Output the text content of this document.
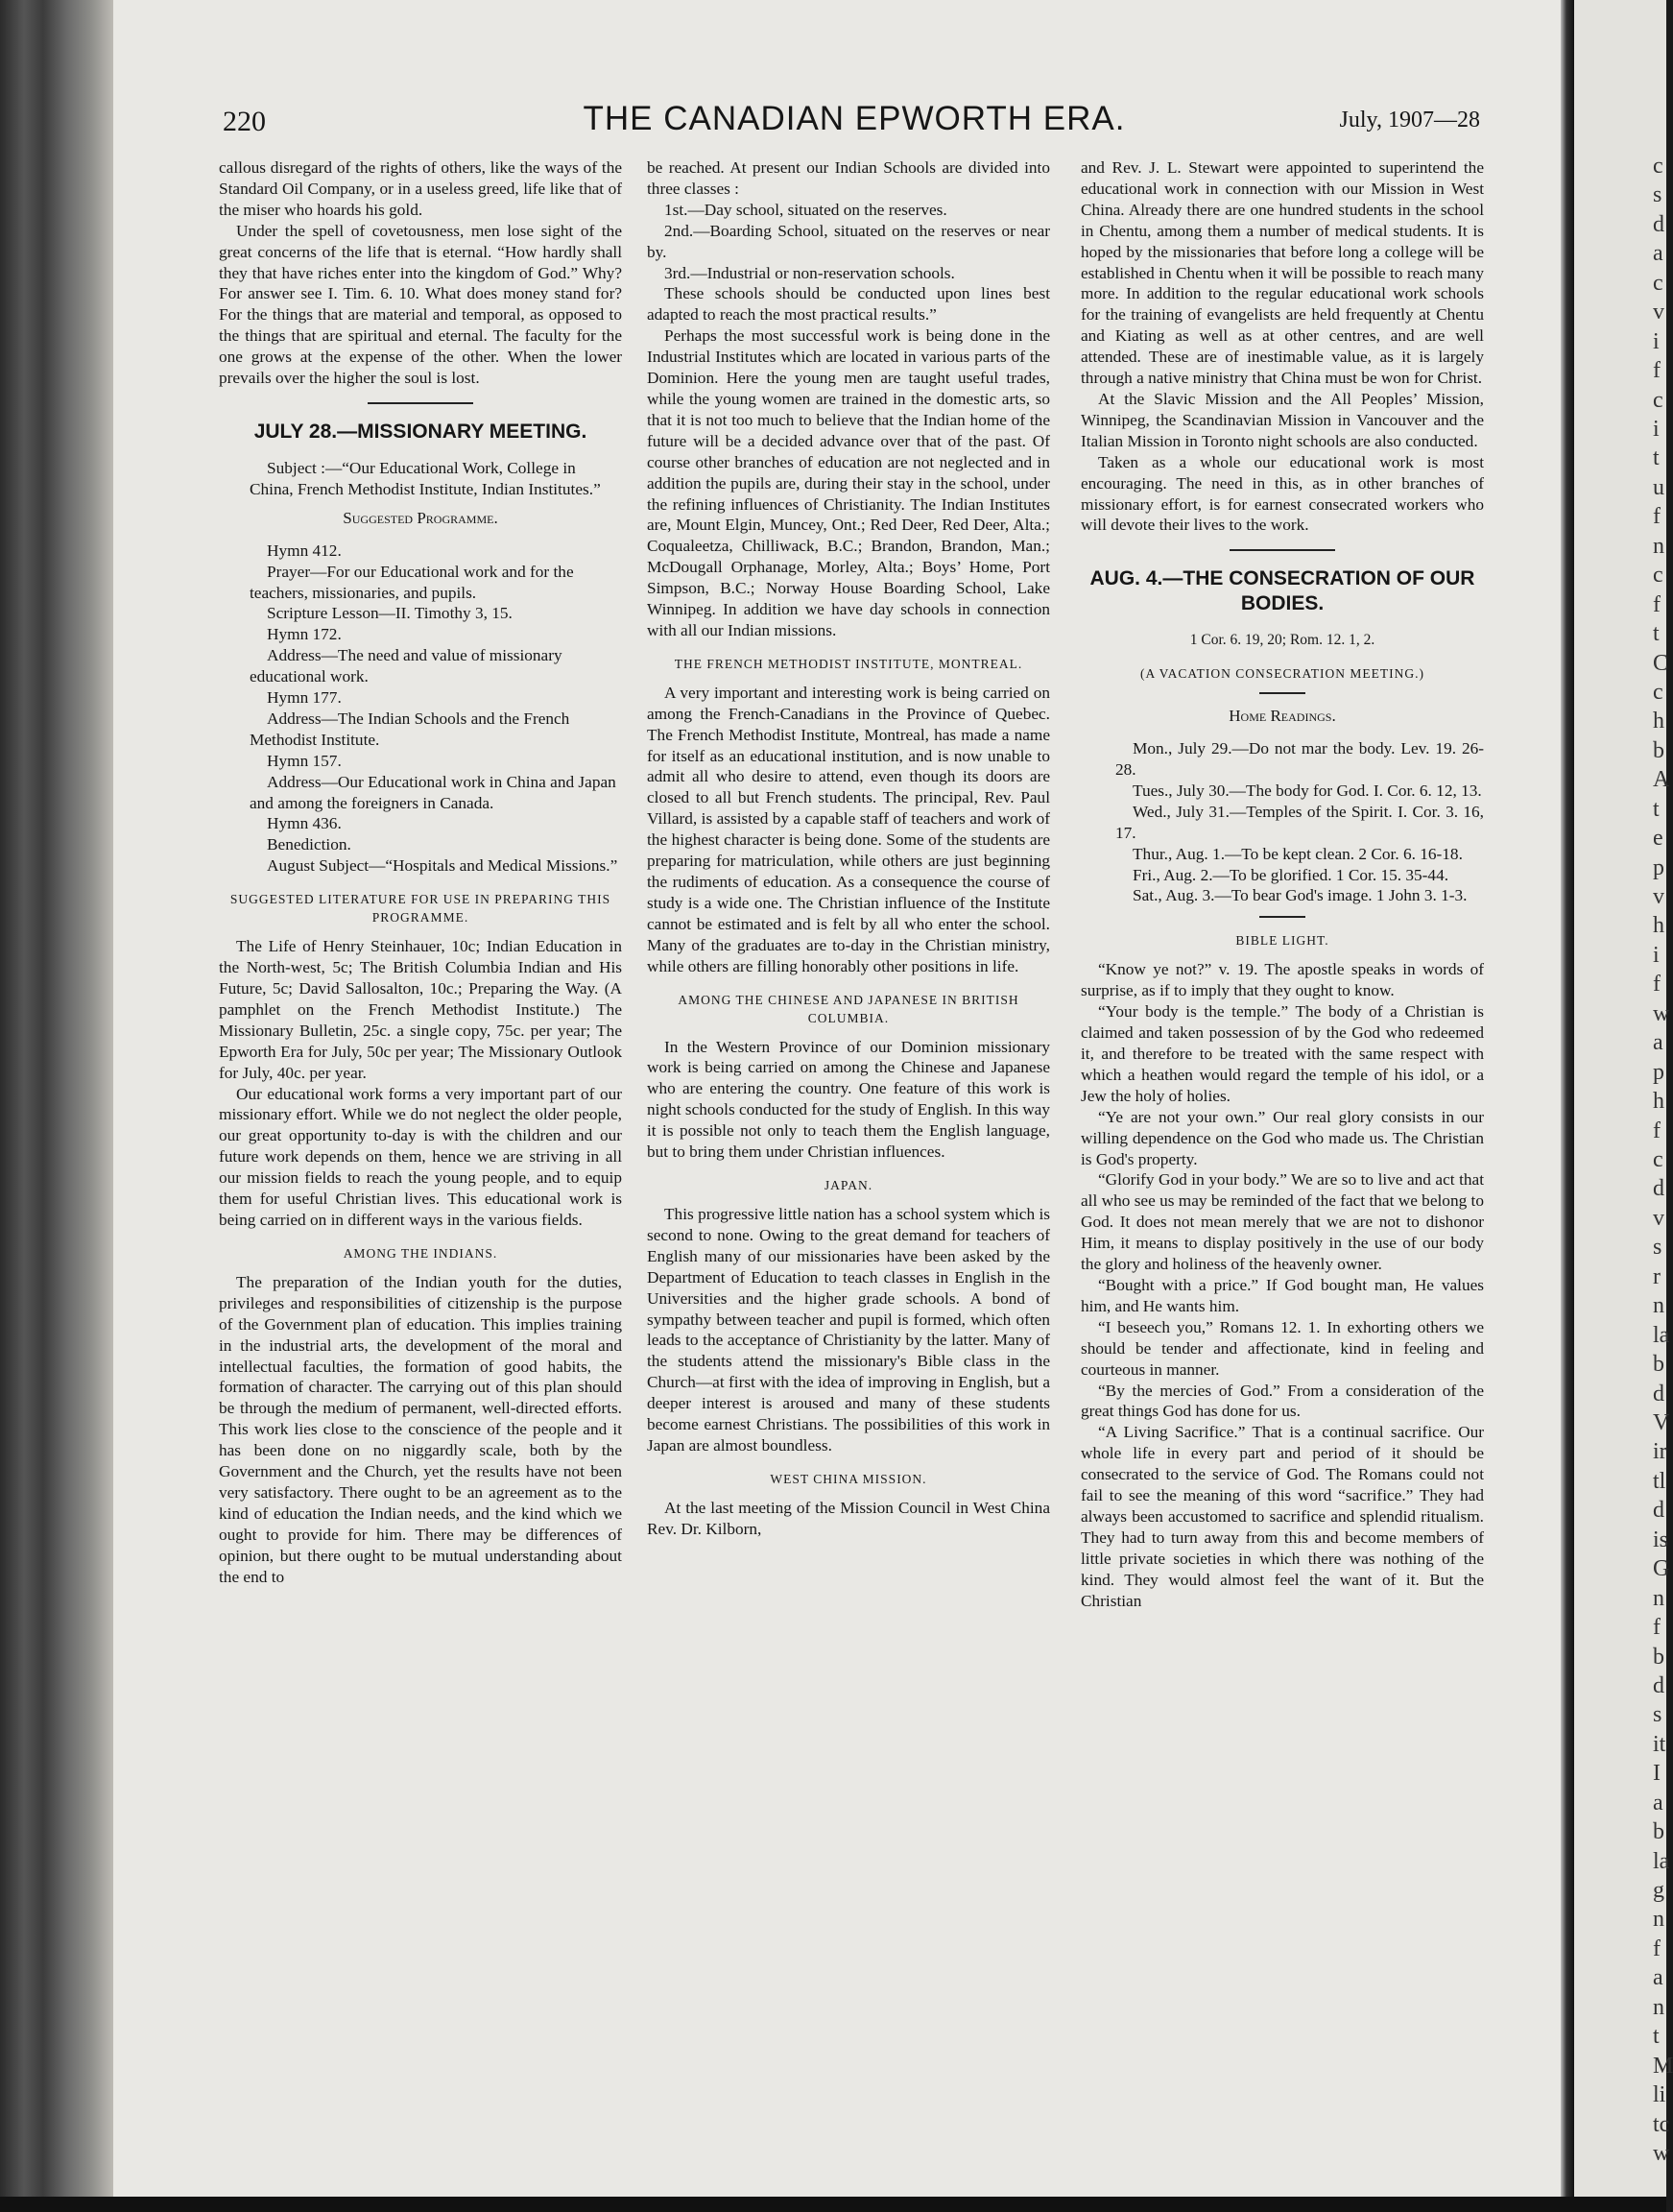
c
s
d
a
c
v
i
f
c
i
t
u
f
n
c
f
t
C
c
h
b
A
t
e
p
v
h
i
f
w
a
p
h
f
c
d
v
s
r
n
la
b
d
V
ir
tl
d
is
G
n
f
b
d
s
it
I
a
b
la
g
n
f
a
n
t
M
li
tc
w
220	THE CANADIAN EPWORTH ERA.	July, 1907—28

callous disregard of the rights of others, like the ways of the Standard Oil Company, or in a useless greed, life like that of the miser who hoards his gold.

Under the spell of covetousness, men lose sight of the great concerns of the life that is eternal. “How hardly shall they that have riches enter into the kingdom of God.” Why? For answer see I. Tim. 6. 10. What does money stand for? For the things that are material and temporal, as opposed to the things that are spiritual and eternal. The faculty for the one grows at the expense of the other. When the lower prevails over the higher the soul is lost.

JULY 28.—MISSIONARY MEETING.

Subject :—“Our Educational Work, College in China, French Methodist Institute, Indian Institutes.”

Suggested Programme.

Hymn 412.

Prayer—For our Educational work and for the teachers, missionaries, and pupils.

Scripture Lesson—II. Timothy 3, 15.

Hymn 172.

Address—The need and value of missionary educational work.

Hymn 177.

Address—The Indian Schools and the French Methodist Institute.

Hymn 157.

Address—Our Educational work in China and Japan and among the foreigners in Canada.

Hymn 436.

Benediction.

August Subject—“Hospitals and Medical Missions.”

SUGGESTED LITERATURE FOR USE IN PREPARING THIS PROGRAMME.

The Life of Henry Steinhauer, 10c; Indian Education in the North-west, 5c; The British Columbia Indian and His Future, 5c; David Sallosalton, 10c.; Preparing the Way. (A pamphlet on the French Methodist Institute.) The Missionary Bulletin, 25c. a single copy, 75c. per year; The Epworth Era for July, 50c per year; The Missionary Outlook for July, 40c. per year.

Our educational work forms a very important part of our missionary effort. While we do not neglect the older people, our great opportunity to-day is with the children and our future work depends on them, hence we are striving in all our mission fields to reach the young people, and to equip them for useful Christian lives. This educational work is being carried on in different ways in the various fields.

AMONG THE INDIANS.

The preparation of the Indian youth for the duties, privileges and responsibilities of citizenship is the purpose of the Government plan of education. This implies training in the industrial arts, the development of the moral and intellectual faculties, the formation of good habits, the formation of character. The carrying out of this plan should be through the medium of permanent, well-directed efforts. This work lies close to the conscience of the people and it has been done on no niggardly scale, both by the Government and the Church, yet the results have not been very satisfactory. There ought to be an agreement as to the kind of education the Indian needs, and the kind which we ought to provide for him. There may be differences of opinion, but there ought to be mutual understanding about the end to

be reached. At present our Indian Schools are divided into three classes :

1st.—Day school, situated on the reserves.

2nd.—Boarding School, situated on the reserves or near by.

3rd.—Industrial or non-reservation schools.

These schools should be conducted upon lines best adapted to reach the most practical results.”

Perhaps the most successful work is being done in the Industrial Institutes which are located in various parts of the Dominion. Here the young men are taught useful trades, while the young women are trained in the domestic arts, so that it is not too much to believe that the Indian home of the future will be a decided advance over that of the past. Of course other branches of education are not neglected and in addition the pupils are, during their stay in the school, under the refining influences of Christianity. The Indian Institutes are, Mount Elgin, Muncey, Ont.; Red Deer, Red Deer, Alta.; Coqualeetza, Chilliwack, B.C.; Brandon, Brandon, Man.; McDougall Orphanage, Morley, Alta.; Boys’ Home, Port Simpson, B.C.; Norway House Boarding School, Lake Winnipeg. In addition we have day schools in connection with all our Indian missions.

THE FRENCH METHODIST INSTITUTE, MONTREAL.

A very important and interesting work is being carried on among the French-Canadians in the Province of Quebec. The French Methodist Institute, Montreal, has made a name for itself as an educational institution, and is now unable to admit all who desire to attend, even though its doors are closed to all but French students. The principal, Rev. Paul Villard, is assisted by a capable staff of teachers and work of the highest character is being done. Some of the students are preparing for matriculation, while others are just beginning the rudiments of education. As a consequence the course of study is a wide one. The Christian influence of the Institute cannot be estimated and is felt by all who enter the school. Many of the graduates are to-day in the Christian ministry, while others are filling honorably other positions in life.

AMONG THE CHINESE AND JAPANESE IN BRITISH COLUMBIA.

In the Western Province of our Dominion missionary work is being carried on among the Chinese and Japanese who are entering the country. One feature of this work is night schools conducted for the study of English. In this way it is possible not only to teach them the English language, but to bring them under Christian influences.

JAPAN.

This progressive little nation has a school system which is second to none. Owing to the great demand for teachers of English many of our missionaries have been asked by the Department of Education to teach classes in English in the Universities and the higher grade schools. A bond of sympathy between teacher and pupil is formed, which often leads to the acceptance of Christianity by the latter. Many of the students attend the missionary's Bible class in the Church—at first with the idea of improving in English, but a deeper interest is aroused and many of these students become earnest Christians. The possibilities of this work in Japan are almost boundless.

WEST CHINA MISSION.

At the last meeting of the Mission Council in West China Rev. Dr. Kilborn,

and Rev. J. L. Stewart were appointed to superintend the educational work in connection with our Mission in West China. Already there are one hundred students in the school in Chentu, among them a number of medical students. It is hoped by the missionaries that before long a college will be established in Chentu when it will be possible to reach many more. In addition to the regular educational work schools for the training of evangelists are held frequently at Chentu and Kiating as well as at other centres, and are well attended. These are of inestimable value, as it is largely through a native ministry that China must be won for Christ.

At the Slavic Mission and the All Peoples’ Mission, Winnipeg, the Scandinavian Mission in Vancouver and the Italian Mission in Toronto night schools are also conducted.

Taken as a whole our educational work is most encouraging. The need in this, as in other branches of missionary effort, is for earnest consecrated workers who will devote their lives to the work.

AUG. 4.—THE CONSECRATION OF OUR BODIES.
1 Cor. 6. 19, 20; Rom. 12. 1, 2.
(A VACATION CONSECRATION MEETING.)
Home Readings.

Mon., July 29.—Do not mar the body. Lev. 19. 26-28.

Tues., July 30.—The body for God. I. Cor. 6. 12, 13.

Wed., July 31.—Temples of the Spirit. I. Cor. 3. 16, 17.

Thur., Aug. 1.—To be kept clean. 2 Cor. 6. 16-18.

Fri., Aug. 2.—To be glorified. 1 Cor. 15. 35-44.

Sat., Aug. 3.—To bear God's image. 1 John 3. 1-3.

BIBLE LIGHT.

“Know ye not?” v. 19. The apostle speaks in words of surprise, as if to imply that they ought to know.

“Your body is the temple.” The body of a Christian is claimed and taken possession of by the God who redeemed it, and therefore to be treated with the same respect with which a heathen would regard the temple of his idol, or a Jew the holy of holies.

“Ye are not your own.” Our real glory consists in our willing dependence on the God who made us. The Christian is God's property.

“Glorify God in your body.” We are so to live and act that all who see us may be reminded of the fact that we belong to God. It does not mean merely that we are not to dishonor Him, it means to display positively in the use of our body the glory and holiness of the heavenly owner.

“Bought with a price.” If God bought man, He values him, and He wants him.

“I beseech you,” Romans 12. 1. In exhorting others we should be tender and affectionate, kind in feeling and courteous in manner.

“By the mercies of God.” From a consideration of the great things God has done for us.

“A Living Sacrifice.” That is a continual sacrifice. Our whole life in every part and period of it should be consecrated to the service of God. The Romans could not fail to see the meaning of this word “sacrifice.” They had always been accustomed to sacrifice and splendid ritualism. They had to turn away from this and become members of little private societies in which there was nothing of the kind. They would almost feel the want of it. But the Christian
